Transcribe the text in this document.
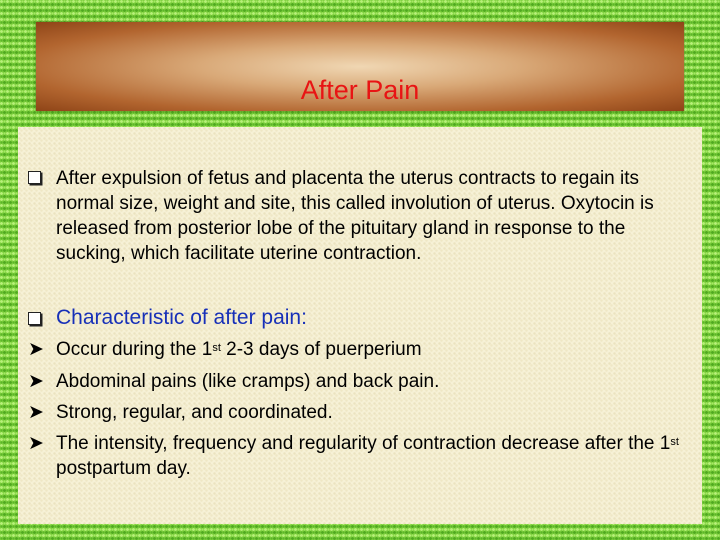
After Pain
After expulsion of fetus and placenta the uterus contracts to regain its normal size, weight and site, this called involution of uterus. Oxytocin is released from posterior lobe of the pituitary gland in response to the sucking, which facilitate uterine contraction.
Characteristic of after pain:
➤ Occur during the 1st 2-3 days of puerperium
➤ Abdominal pains (like cramps) and back pain.
➤ Strong, regular, and coordinated.
➤ The intensity, frequency and regularity of contraction decrease after the 1st postpartum day.
